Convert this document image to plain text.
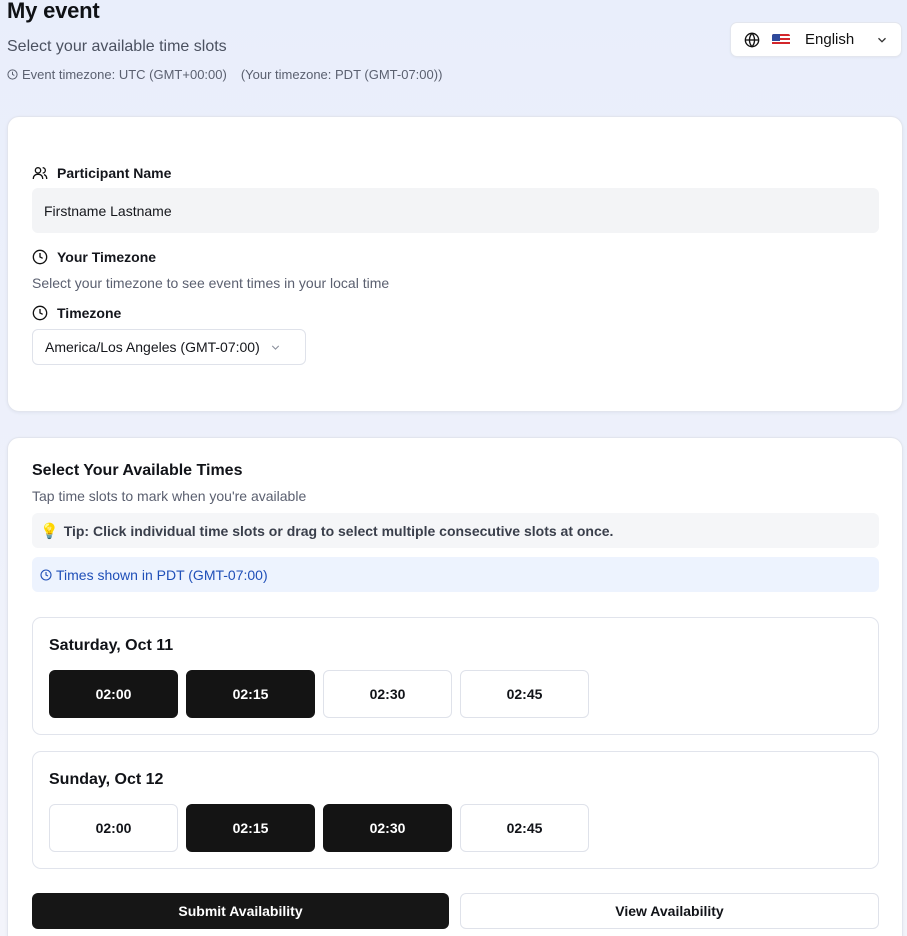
My event
Select your available time slots
Event timezone: UTC (GMT+00:00) (Your timezone: PDT (GMT-07:00))
English
Participant Name
Firstname Lastname
Your Timezone
Select your timezone to see event times in your local time
Timezone
America/Los Angeles (GMT-07:00)
Select Your Available Times
Tap time slots to mark when you're available
💡 Tip: Click individual time slots or drag to select multiple consecutive slots at once.
Times shown in PDT (GMT-07:00)
Saturday, Oct 11
02:00	02:15	02:30	02:45
Sunday, Oct 12
02:00	02:15	02:30	02:45
Submit Availability	View Availability
